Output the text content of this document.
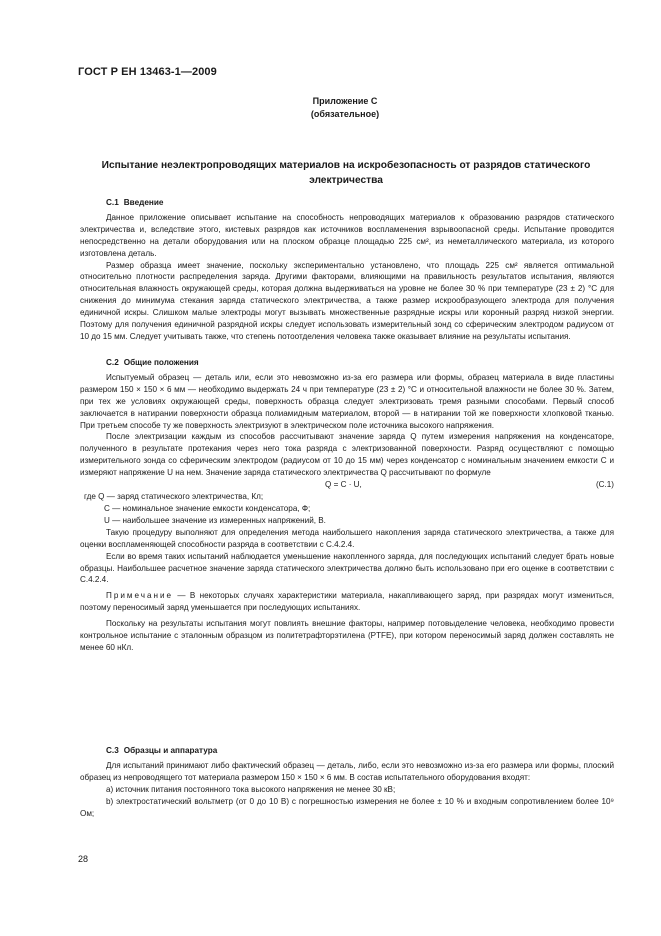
ГОСТ Р ЕН 13463-1—2009
Приложение С
(обязательное)
Испытание неэлектропроводящих материалов на искробезопасность от разрядов статического
электричества

С.1 Введение

Данное приложение описывает испытание на способность непроводящих материалов к образованию разрядов статического электричества и, вследствие этого, кистевых разрядов как источников воспламенения взрывоопасной среды. Испытание проводится непосредственно на детали оборудования или на плоском образце площадью 225 см², из неметаллического материала, из которого изготовлена деталь.

Размер образца имеет значение, поскольку экспериментально установлено, что площадь 225 см² является оптимальной относительно плотности распределения заряда. Другими факторами, влияющими на правильность результатов испытания, являются относительная влажность окружающей среды, которая должна выдерживаться на уровне не более 30 % при температуре (23 ± 2) °С для снижения до минимума стекания заряда статического электричества, а также размер искрообразующего электрода для получения единичной искры. Слишком малые электроды могут вызывать множественные разрядные искры или коронный разряд низкой энергии. Поэтому для получения единичной разрядной искры следует использовать измерительный зонд со сферическим электродом радиусом от 10 до 15 мм. Следует учитывать также, что степень потоотделения человека также оказывает влияние на результаты испытания.

С.2 Общие положения

Испытуемый образец — деталь или, если это невозможно из-за его размера или формы, образец материала в виде пластины размером 150 × 150 × 6 мм — необходимо выдержать 24 ч при температуре (23 ± 2) °С и относительной влажности не более 30 %. Затем, при тех же условиях окружающей среды, поверхность образца следует электризовать тремя разными способами. Первый способ заключается в натирании поверхности образца полиамидным материалом, второй — в натирании той же поверхности хлопковой тканью. При третьем способе ту же поверхность электризуют в электрическом поле источника высокого напряжения.

После электризации каждым из способов рассчитывают значение заряда Q путем измерения напряжения на конденсаторе, полученного в результате протекания через него тока разряда с электризованной поверхности. Разряд осуществляют с помощью измерительного зонда со сферическим электродом (радиусом от 10 до 15 мм) через конденсатор с номинальным значением емкости С и измеряют напряжение U на нем. Значение заряда статического электричества Q рассчитывают по формуле

Q = C · U,	(С.1)
где Q — заряд статического электричества, Кл;
C — номинальное значение емкости конденсатора, Ф;
U — наибольшее значение из измеренных напряжений, В.

Такую процедуру выполняют для определения метода наибольшего накопления заряда статического электричества, а также для оценки воспламеняющей способности разряда в соответствии с С.4.2.4.

Если во время таких испытаний наблюдается уменьшение накопленного заряда, для последующих испытаний следует брать новые образцы. Наибольшее расчетное значение заряда статического электричества должно быть использовано при его оценке в соответствии с С.4.2.4.

Примечание — В некоторых случаях характеристики материала, накапливающего заряд, при разрядах могут измениться, поэтому переносимый заряд уменьшается при последующих испытаниях.

Поскольку на результаты испытания могут повлиять внешние факторы, например потовыделение человека, необходимо провести контрольное испытание с эталонным образцом из политетрафторэтилена (PTFE), при котором переносимый заряд должен составлять не менее 60 нКл.

С.3 Образцы и аппаратура

Для испытаний принимают либо фактический образец — деталь, либо, если это невозможно из-за его размера или формы, плоский образец из непроводящего тот материала размером 150 × 150 × 6 мм. В состав испытательного оборудования входят:

а) источник питания постоянного тока высокого напряжения не менее 30 кВ;

b) электростатический вольтметр (от 0 до 10 В) с погрешностью измерения не более ± 10 % и входным сопротивлением более 10⁹ Ом;

28
